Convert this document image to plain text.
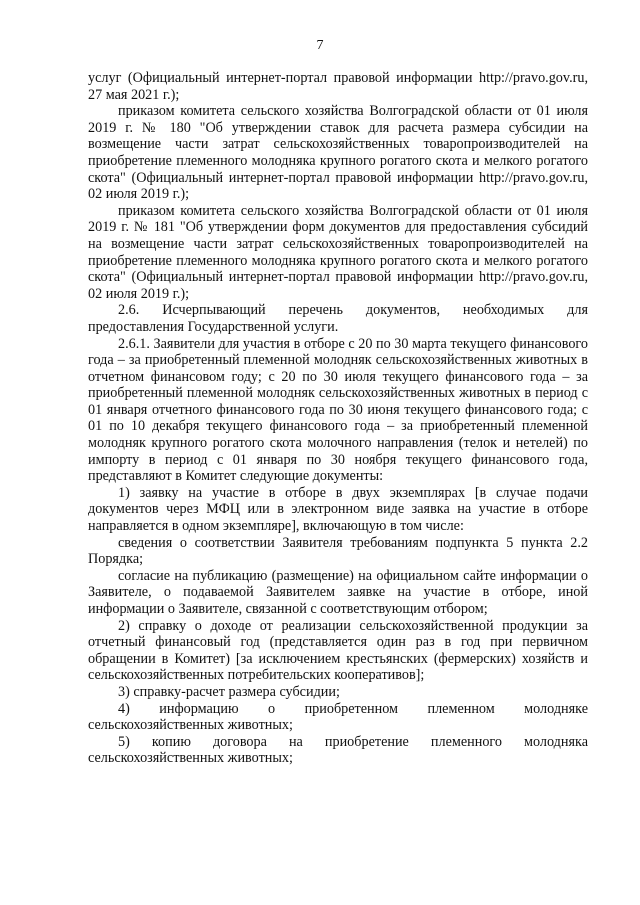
7

услуг (Официальный интернет-портал правовой информации http://pravo.gov.ru, 27 мая 2021 г.);

приказом комитета сельского хозяйства Волгоградской области от 01 июля 2019 г. № 180 "Об утверждении ставок для расчета размера субсидии на возмещение части затрат сельскохозяйственных товаропроизводителей на приобретение племенного молодняка крупного рогатого скота и мелкого рогатого скота" (Официальный интернет-портал правовой информации http://pravo.gov.ru, 02 июля 2019 г.);

приказом комитета сельского хозяйства Волгоградской области от 01 июля 2019 г. № 181 "Об утверждении форм документов для предоставления субсидий на возмещение части затрат сельскохозяйственных товаропроизводителей на приобретение племенного молодняка крупного рогатого скота и мелкого рогатого скота" (Официальный интернет-портал правовой информации http://pravo.gov.ru, 02 июля 2019 г.);

2.6. Исчерпывающий перечень документов, необходимых для предоставления Государственной услуги.

2.6.1. Заявители для участия в отборе с 20 по 30 марта текущего финансового года – за приобретенный племенной молодняк сельскохозяйственных животных в отчетном финансовом году; с 20 по 30 июля текущего финансового года – за приобретенный племенной молодняк сельскохозяйственных животных в период с 01 января отчетного финансового года по 30 июня текущего финансового года; с 01 по 10 декабря текущего финансового года – за приобретенный племенной молодняк крупного рогатого скота молочного направления (телок и нетелей) по импорту в период с 01 января по 30 ноября текущего финансового года, представляют в Комитет следующие документы:

1) заявку на участие в отборе в двух экземплярах [в случае подачи документов через МФЦ или в электронном виде заявка на участие в отборе направляется в одном экземпляре], включающую в том числе:

сведения о соответствии Заявителя требованиям подпункта 5 пункта 2.2 Порядка;

согласие на публикацию (размещение) на официальном сайте информации о Заявителе, о подаваемой Заявителем заявке на участие в отборе, иной информации о Заявителе, связанной с соответствующим отбором;

2) справку о доходе от реализации сельскохозяйственной продукции за отчетный финансовый год (представляется один раз в год при первичном обращении в Комитет) [за исключением крестьянских (фермерских) хозяйств и сельскохозяйственных потребительских кооперативов];

3) справку-расчет размера субсидии;

4) информацию о приобретенном племенном молодняке сельскохозяйственных животных;

5) копию договора на приобретение племенного молодняка сельскохозяйственных животных;
